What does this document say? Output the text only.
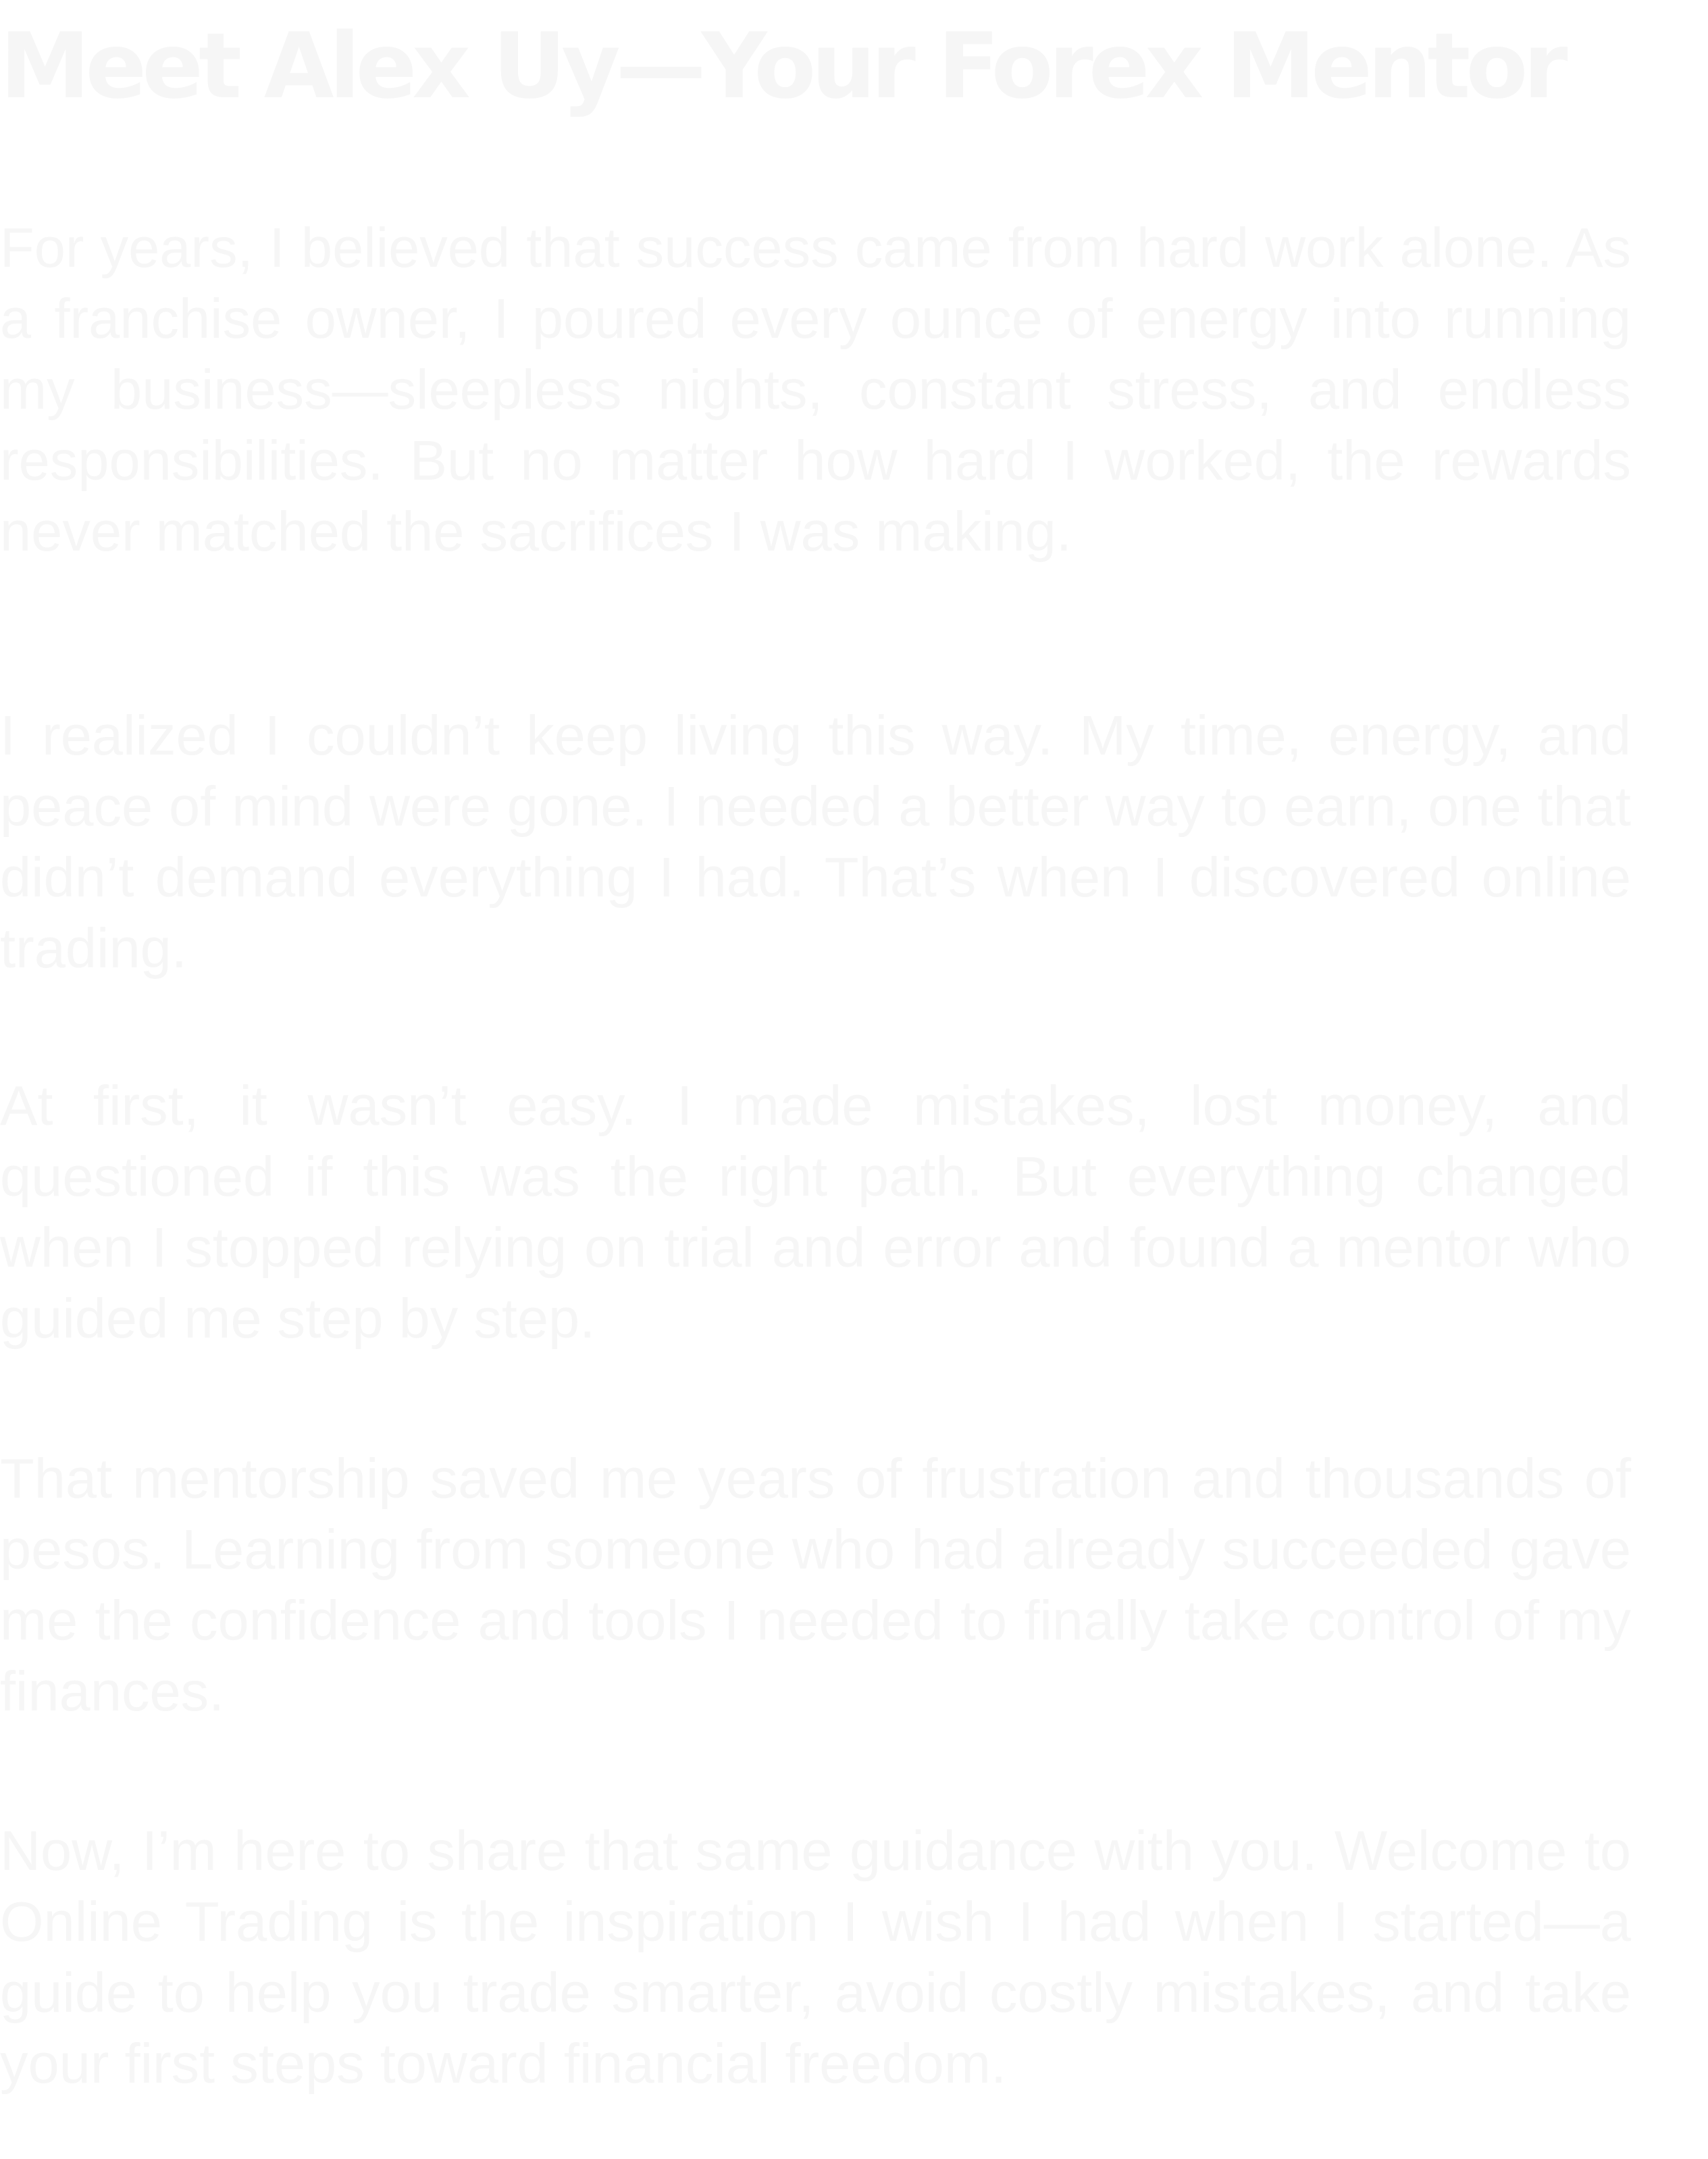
Meet Alex Uy—Your Forex Mentor

For years, I believed that success came from hard work alone. As a franchise owner, I poured every ounce of energy into running my business—sleepless nights, constant stress, and endless responsibilities. But no matter how hard I worked, the rewards never matched the sacrifices I was making.

I realized I couldn’t keep living this way. My time, energy, and peace of mind were gone. I needed a better way to earn, one that didn’t demand everything I had. That’s when I discovered online trading.

At first, it wasn’t easy. I made mistakes, lost money, and questioned if this was the right path. But everything changed when I stopped relying on trial and error and found a mentor who guided me step by step.

That mentorship saved me years of frustration and thousands of pesos. Learning from someone who had already succeeded gave me the confidence and tools I needed to finally take control of my finances.

Now, I’m here to share that same guidance with you. Welcome to Online Trading is the inspiration I wish I had when I started—a guide to help you trade smarter, avoid costly mistakes, and take your first steps toward financial freedom.
